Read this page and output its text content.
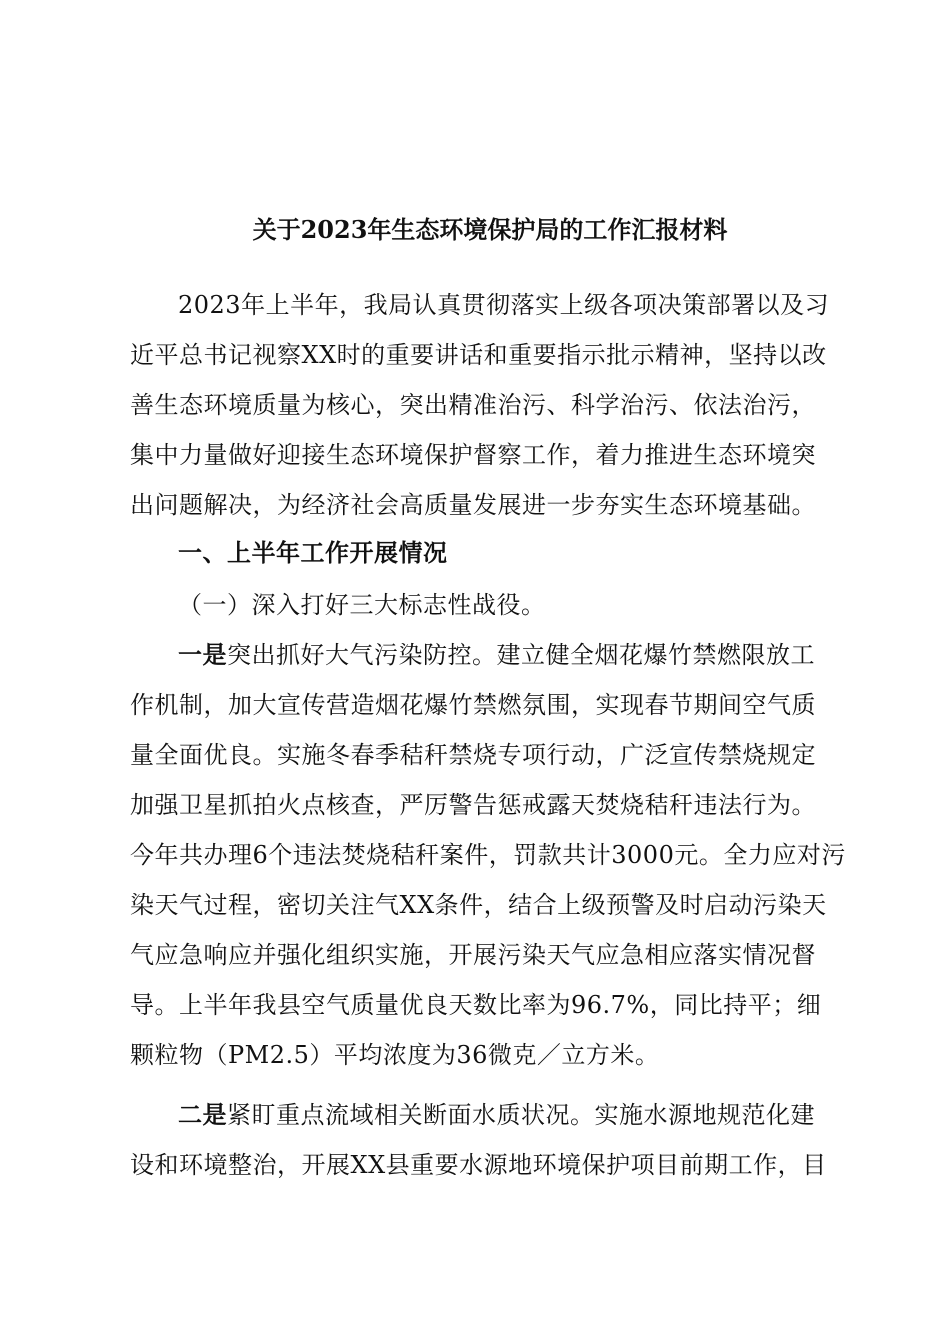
关于2023年生态环境保护局的工作汇报材料
2023年上半年，我局认真贯彻落实上级各项决策部署以及习
近平总书记视察XX时的重要讲话和重要指示批示精神，坚持以改
善生态环境质量为核心，突出精准治污、科学治污、依法治污，
集中力量做好迎接生态环境保护督察工作，着力推进生态环境突
出问题解决，为经济社会高质量发展进一步夯实生态环境基础。
一、上半年工作开展情况
（一）深入打好三大标志性战役。
一是突出抓好大气污染防控。建立健全烟花爆竹禁燃限放工
作机制，加大宣传营造烟花爆竹禁燃氛围，实现春节期间空气质
量全面优良。实施冬春季秸秆禁烧专项行动，广泛宣传禁烧规定
加强卫星抓拍火点核查，严厉警告惩戒露天焚烧秸秆违法行为。
今年共办理6个违法焚烧秸秆案件，罚款共计3000元。全力应对污
染天气过程，密切关注气XX条件，结合上级预警及时启动污染天
气应急响应并强化组织实施，开展污染天气应急相应落实情况督
导。上半年我县空气质量优良天数比率为96.7%，同比持平；细
颗粒物（PM2.5）平均浓度为36微克／立方米。
二是紧盯重点流域相关断面水质状况。实施水源地规范化建
设和环境整治，开展XX县重要水源地环境保护项目前期工作，目
